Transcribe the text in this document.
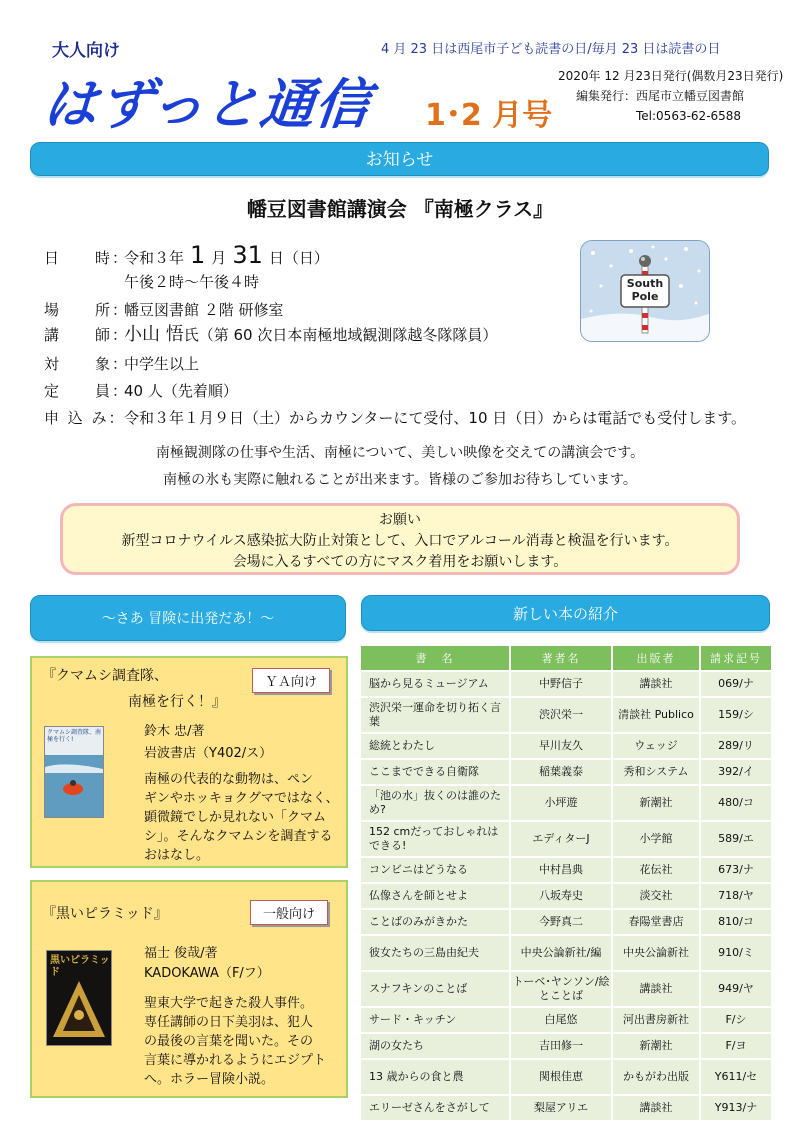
大人向け	4 月 23 日は西尾市子ども読書の日/毎月 23 日は読書の日
はずっと通信 1･2 月号
2020年 12 月23日発行(偶数月23日発行)
編集発行：西尾市立幡豆図書館
Tel:0563-62-6588
お知らせ
幡豆図書館講演会 『南極クラス』
日　　時：令和３年 1 月 31 日（日）
午後２時～午後４時
場　　所：幡豆図書館 ２階 研修室
講　　師：小山 悟氏（第 60 次日本南極地域観測隊越冬隊隊員）
対　　象：中学生以上
定　　員：40 人（先着順）
申 込 み：令和３年１月９日（土）からカウンターにて受付、10 日（日）からは電話でも受付します。
South
Pole
南極観測隊の仕事や生活、南極について、美しい映像を交えての講演会です。
南極の氷も実際に触れることが出来ます。皆様のご参加お待ちしています。
お願い
新型コロナウイルス感染拡大防止対策として、入口でアルコール消毒と検温を行います。
会場に入るすべての方にマスク着用をお願いします。
～さあ 冒険に出発だあ！～
『クマムシ調査隊、
南極を行く！』
ＹＡ向け
クマムシ調査隊、南極を行く!
鈴木 忠/著
岩波書店（Y402/ス）
南極の代表的な動物は、ペン
ギンやホッキョクグマではなく、
顕微鏡でしか見れない「クマム
シ」。そんなクマムシを調査する
おはなし。
『黒いピラミッド』	一般向け
黒いピラミッド
福士 俊哉/著
KADOKAWA（F/フ）
聖東大学で起きた殺人事件。
専任講師の日下美羽は、犯人
の最後の言葉を聞いた。その
言葉に導かれるようにエジプト
へ。ホラー冒険小説。
新しい本の紹介
書　名	著者名	出版者	請求記号
脳から見るミュージアム	中野信子	講談社	069/ナ
渋沢栄一運命を切り拓く言葉	渋沢栄一	清談社 Publico	159/シ
総統とわたし	早川友久	ウェッジ	289/リ
ここまでできる自衛隊	稲葉義泰	秀和システム	392/イ
「池の水」抜くのは誰のため?	小坪遊	新潮社	480/コ
152 cmだっておしゃれはできる!	エディターJ	小学館	589/エ
コンビニはどうなる	中村昌典	花伝社	673/ナ
仏像さんを師とせよ	八坂寿史	淡交社	718/ヤ
ことばのみがきかた	今野真二	春陽堂書店	810/コ
彼女たちの三島由紀夫	中央公論新社/編	中央公論新社	910/ミ
スナフキンのことば	トーベ･ヤンソン/絵とことば	講談社	949/ヤ
サード・キッチン	白尾悠	河出書房新社	F/シ
湖の女たち	吉田修一	新潮社	F/ヨ
13 歳からの食と農	関根佳恵	かもがわ出版	Y611/セ
エリーゼさんをさがして	梨屋アリエ	講談社	Y913/ナ
